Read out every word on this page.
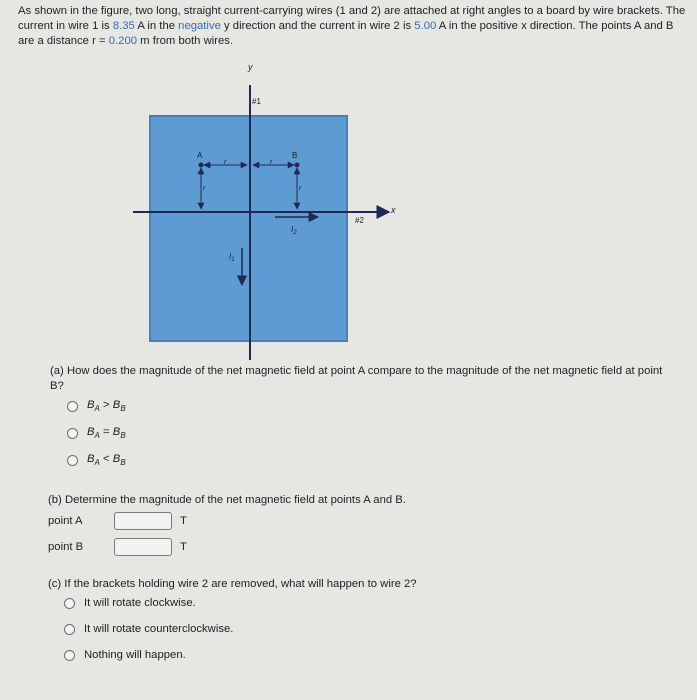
As shown in the figure, two long, straight current-carrying wires (1 and 2) are attached at right angles to a board by wire brackets. The current in wire 1 is 8.35 A in the negative y direction and the current in wire 2 is 5.00 A in the positive x direction. The points A and B are a distance r = 0.200 m from both wires.
y
#1
x
#2
A	B
r	r
r	r
$I_1$
$I_2$
(a) How does the magnitude of the net magnetic field at point A compare to the magnitude of the net magnetic field at point B?
$B_A > B_B$
$B_A = B_B$
$B_A < B_B$
(b) Determine the magnitude of the net magnetic field at points A and B.
point A	T
point B	T
(c) If the brackets holding wire 2 are removed, what will happen to wire 2?
It will rotate clockwise.
It will rotate counterclockwise.
Nothing will happen.
